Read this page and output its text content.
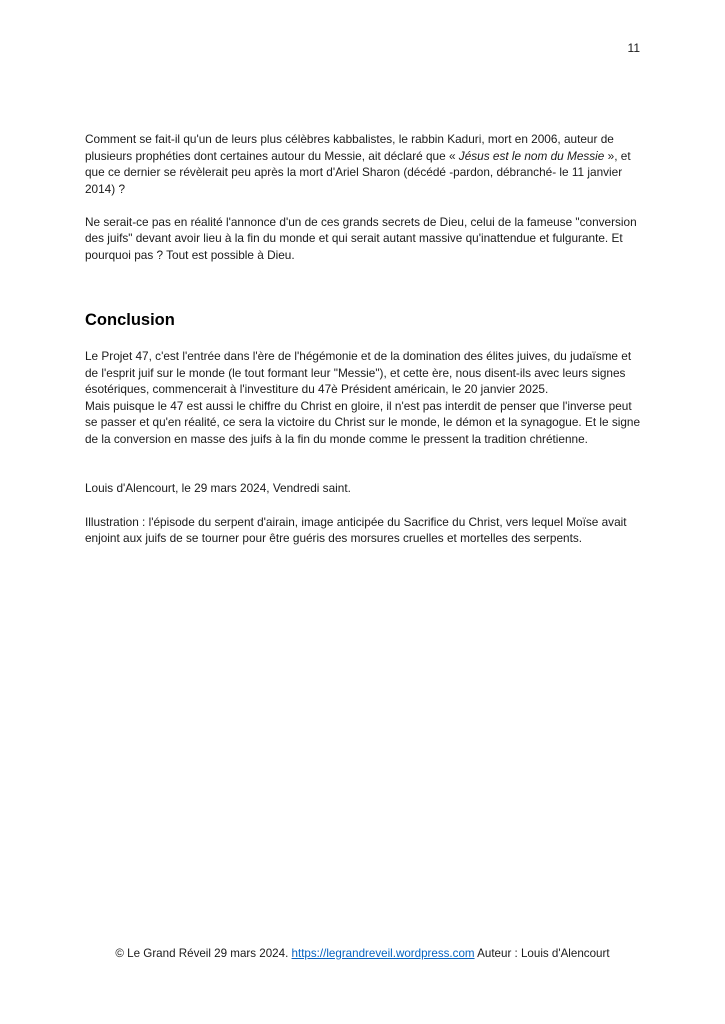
11

Comment se fait-il qu'un de leurs plus célèbres kabbalistes, le rabbin Kaduri, mort en 2006, auteur de plusieurs prophéties dont certaines autour du Messie, ait déclaré que « Jésus est le nom du Messie », et que ce dernier se révèlerait peu après la mort d'Ariel Sharon (décédé -pardon, débranché- le 11 janvier 2014) ?

Ne serait-ce pas en réalité l'annonce d'un de ces grands secrets de Dieu, celui de la fameuse "conversion des juifs" devant avoir lieu à la fin du monde et qui serait autant massive qu'inattendue et fulgurante. Et pourquoi pas ? Tout est possible à Dieu.

Conclusion

Le Projet 47, c'est l'entrée dans l'ère de l'hégémonie et de la domination des élites juives, du judaïsme et de l'esprit juif sur le monde (le tout formant leur "Messie"), et cette ère, nous disent-ils avec leurs signes ésotériques, commencerait à l'investiture du 47è Président américain, le 20 janvier 2025.

Mais puisque le 47 est aussi le chiffre du Christ en gloire, il n'est pas interdit de penser que l'inverse peut se passer et qu'en réalité, ce sera la victoire du Christ sur le monde, le démon et la synagogue. Et le signe de la conversion en masse des juifs à la fin du monde comme le pressent la tradition chrétienne.

Louis d'Alencourt, le 29 mars 2024, Vendredi saint.

Illustration : l'épisode du serpent d'airain, image anticipée du Sacrifice du Christ, vers lequel Moïse avait enjoint aux juifs de se tourner pour être guéris des morsures cruelles et mortelles des serpents.

© Le Grand Réveil 29 mars 2024. https://legrandreveil.wordpress.com Auteur : Louis d'Alencourt
